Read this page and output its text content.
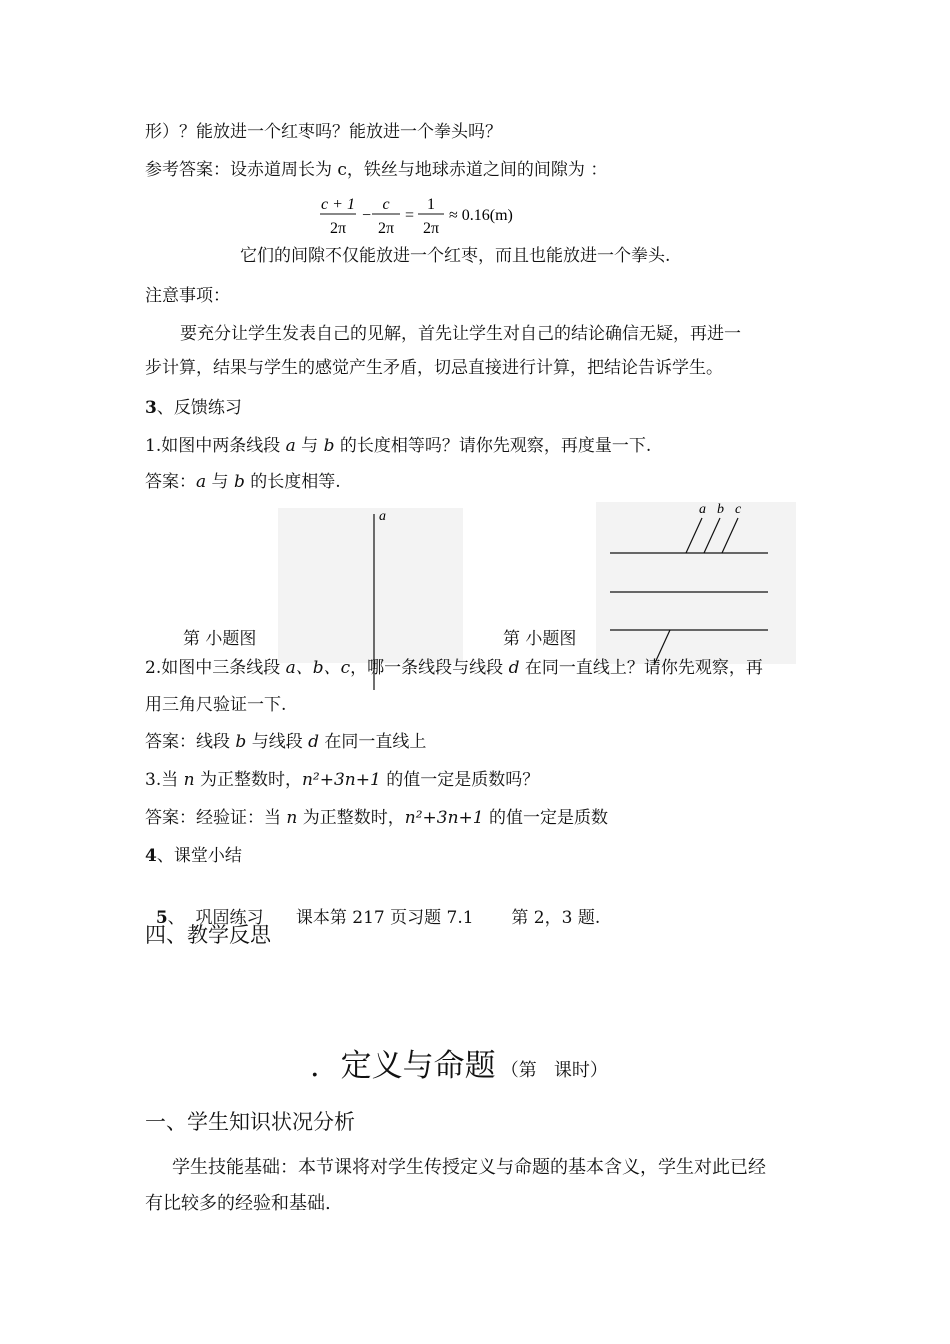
形）？能放进一个红枣吗？能放进一个拳头吗？
参考答案：设赤道周长为 c，铁丝与地球赤道之间的间隙为 ：
c + 1
2π
−
c
2π
=
1
2π
≈ 0.16(m)
它们的间隙不仅能放进一个红枣，而且也能放进一个拳头.
注意事项：
要充分让学生发表自己的见解，首先让学生对自己的结论确信无疑，再进一
步计算，结果与学生的感觉产生矛盾，切忌直接进行计算，把结论告诉学生。
3、反馈练习
1.如图中两条线段 a 与 b 的长度相等吗？请你先观察，再度量一下.
答案：a 与 b 的长度相等.
a	a b c
第 小题图	第 小题图
2.如图中三条线段 a、b、c，哪一条线段与线段 d 在同一直线上？请你先观察，再
用三角尺验证一下.
答案：线段 b 与线段 d 在同一直线上
3.当 n 为正整数时，n²+3n+1 的值一定是质数吗？
答案：经验证：当 n 为正整数时，n²+3n+1 的值一定是质数
4、课堂小结

5、  巩固练习      课本第 217 页习题 7.1       第 2，3 题.

四、教学反思
. 定义与命题 （第   课时）
一、学生知识状况分析
学生技能基础：本节课将对学生传授定义与命题的基本含义，学生对此已经
有比较多的经验和基础.
